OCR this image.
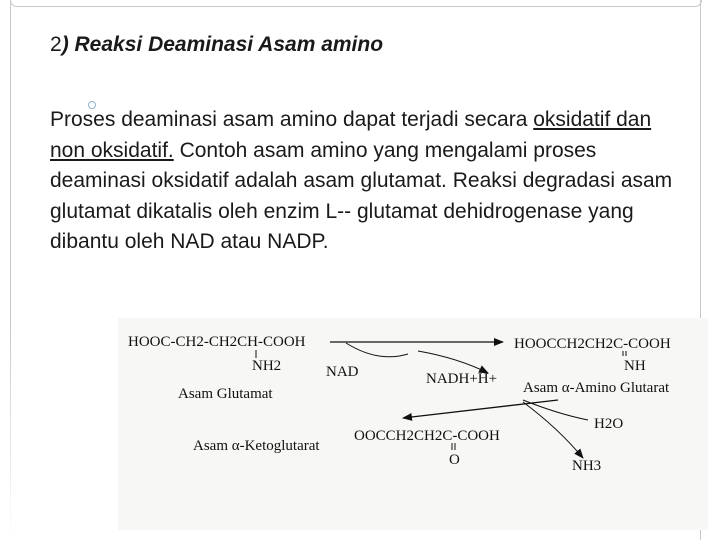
2) Reaksi Deaminasi Asam amino
Proses deaminasi asam amino dapat terjadi secara oksidatif dan non oksidatif. Contoh asam amino yang mengalami proses deaminasi oksidatif adalah asam glutamat. Reaksi degradasi asam glutamat dikatalis oleh enzim L-- glutamat dehidrogenase yang dibantu oleh NAD atau NADP.
HOOC-CH2-CH2CH-COOH
NH2
Asam Glutamat
NAD	NADH+H+
HOOCCH2CH2C-COOH
NH
Asam α-Amino Glutarat
H2O
Asam α-Ketoglutarat
OOCCH2CH2C-COOH
O	NH3
